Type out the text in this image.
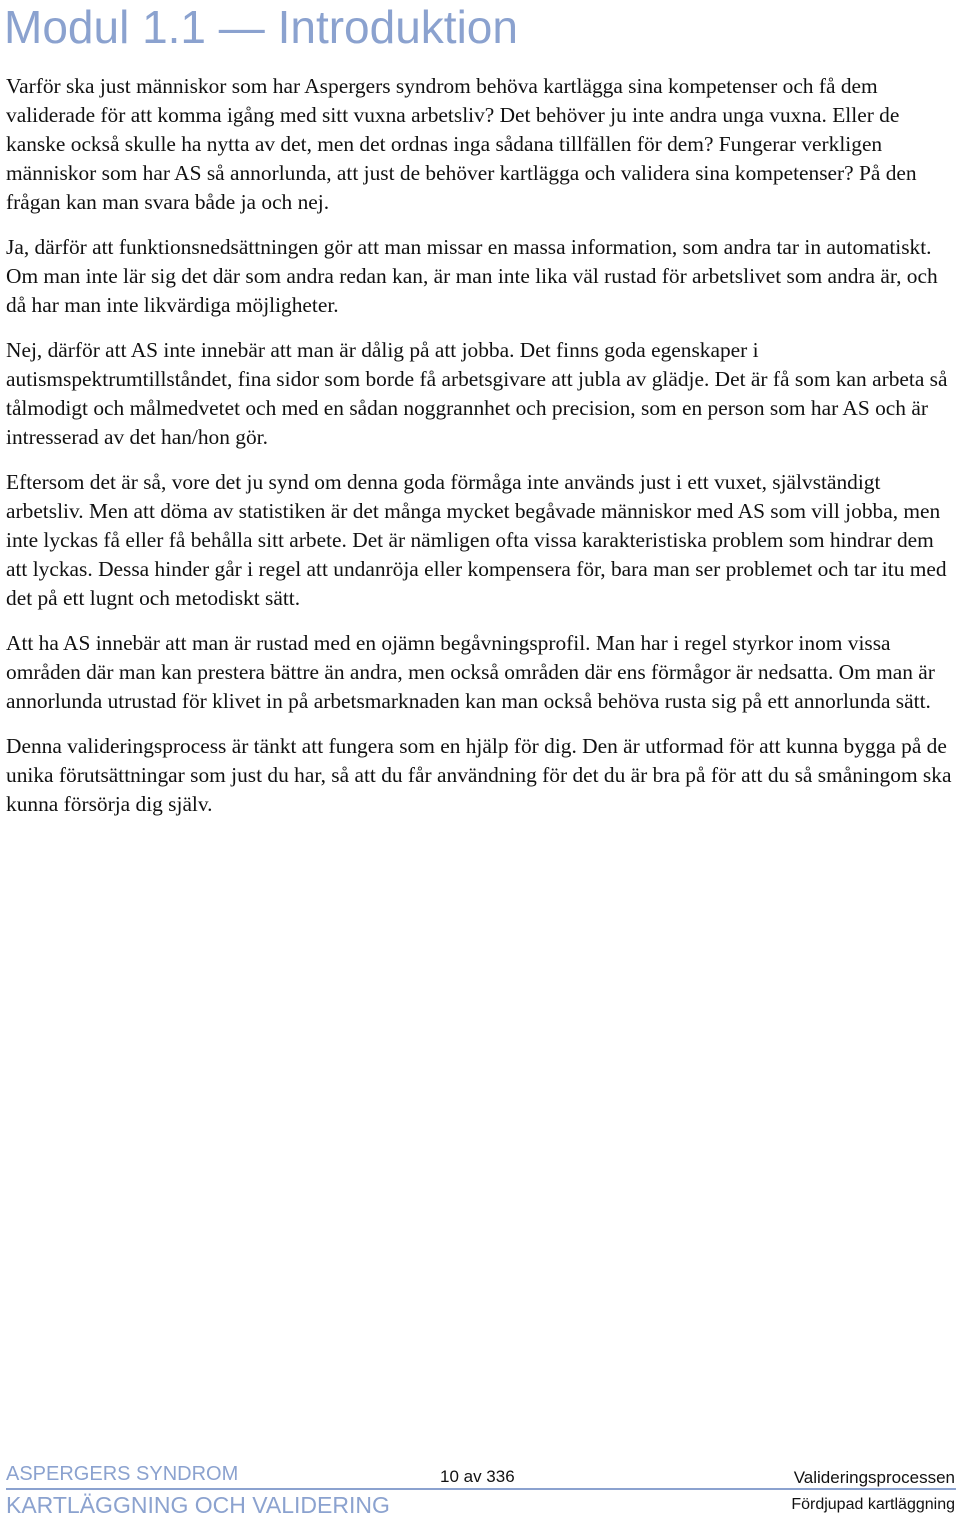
Modul 1.1 — Introduktion

Varför ska just människor som har Aspergers syndrom behöva kartlägga sina kompetenser och få dem validerade för att komma igång med sitt vuxna arbetsliv? Det behöver ju inte andra unga vuxna. Eller de kanske också skulle ha nytta av det, men det ordnas inga sådana tillfällen för dem? Fungerar verkligen människor som har AS så annorlunda, att just de behöver kartlägga och validera sina kompetenser? På den frågan kan man svara både ja och nej.

Ja, därför att funktionsnedsättningen gör att man missar en massa information, som andra tar in automatiskt. Om man inte lär sig det där som andra redan kan, är man inte lika väl rustad för arbetslivet som andra är, och då har man inte likvärdiga möjligheter.

Nej, därför att AS inte innebär att man är dålig på att jobba. Det finns goda egenskaper i autismspektrumtillståndet, fina sidor som borde få arbetsgivare att jubla av glädje. Det är få som kan arbeta så tålmodigt och målmedvetet och med en sådan noggrannhet och precision, som en person som har AS och är intresserad av det han/hon gör.

Eftersom det är så, vore det ju synd om denna goda förmåga inte används just i ett vuxet, självständigt arbetsliv. Men att döma av statistiken är det många mycket begåvade människor med AS som vill jobba, men inte lyckas få eller få behålla sitt arbete. Det är nämligen ofta vissa karakteristiska problem som hindrar dem att lyckas. Dessa hinder går i regel att undanröja eller kompensera för, bara man ser problemet och tar itu med det på ett lugnt och metodiskt sätt.

Att ha AS innebär att man är rustad med en ojämn begåvningsprofil. Man har i regel styrkor inom vissa områden där man kan prestera bättre än andra, men också områden där ens förmågor är nedsatta. Om man är annorlunda utrustad för klivet in på arbetsmarknaden kan man också behöva rusta sig på ett annorlunda sätt.

Denna valideringsprocess är tänkt att fungera som en hjälp för dig. Den är utformad för att kunna bygga på de unika förutsättningar som just du har, så att du får användning för det du är bra på för att du så småningom ska kunna försörja dig själv.

ASPERGERS SYNDROM
KARTLÄGGNING OCH VALIDERING
10 av 336	Valideringsprocessen
Fördjupad kartläggning
